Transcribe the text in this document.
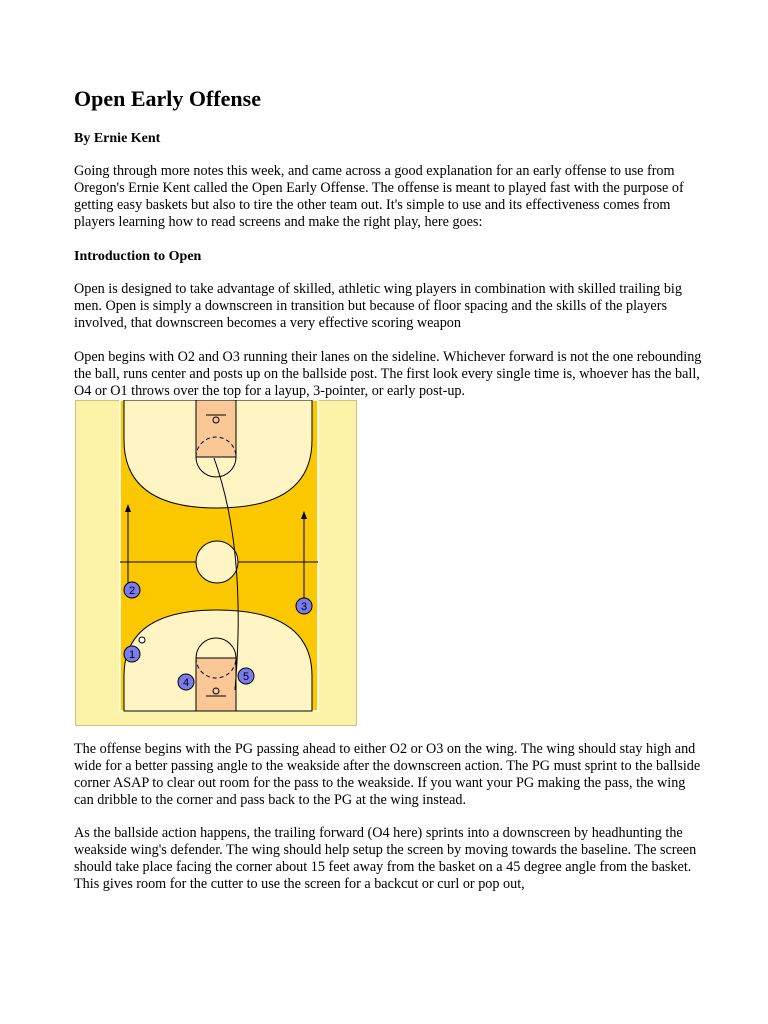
Open Early Offense
By Ernie Kent

Going through more notes this week, and came across a good explanation for an early offense to use from Oregon's Ernie Kent called the Open Early Offense. The offense is meant to played fast with the purpose of getting easy baskets but also to tire the other team out. It's simple to use and its effectiveness comes from players learning how to read screens and make the right play, here goes:

Introduction to Open

Open is designed to take advantage of skilled, athletic wing players in combination with skilled trailing big men. Open is simply a downscreen in transition but because of floor spacing and the skills of the players involved, that downscreen becomes a very effective scoring weapon

Open begins with O2 and O3 running their lanes on the sideline. Whichever forward is not the one rebounding the ball, runs center and posts up on the ballside post. The first look every single time is, whoever has the ball, O4 or O1 throws over the top for a layup, 3-pointer, or early post-up.

2
3
1
4	5

The offense begins with the PG passing ahead to either O2 or O3 on the wing. The wing should stay high and wide for a better passing angle to the weakside after the downscreen action. The PG must sprint to the ballside corner ASAP to clear out room for the pass to the weakside. If you want your PG making the pass, the wing can dribble to the corner and pass back to the PG at the wing instead.

As the ballside action happens, the trailing forward (O4 here) sprints into a downscreen by headhunting the weakside wing's defender. The wing should help setup the screen by moving towards the baseline. The screen should take place facing the corner about 15 feet away from the basket on a 45 degree angle from the basket. This gives room for the cutter to use the screen for a backcut or curl or pop out,
